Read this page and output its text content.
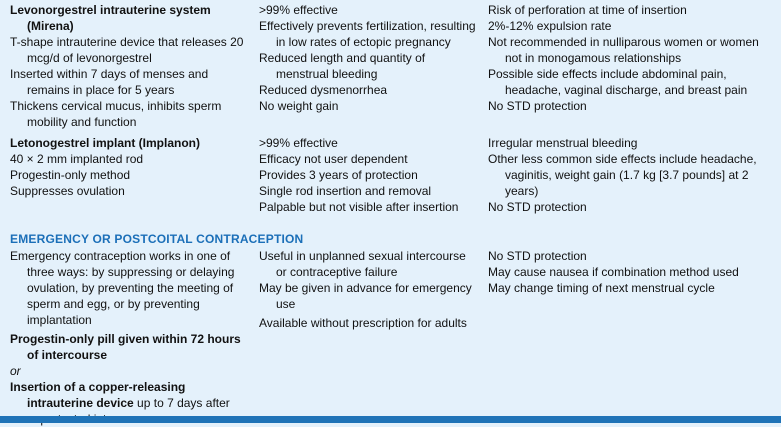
Levonorgestrel intrauterine system (Mirena)
T-shape intrauterine device that releases 20 mcg/d of levonorgestrel
Inserted within 7 days of menses and remains in place for 5 years
Thickens cervical mucus, inhibits sperm mobility and function
>99% effective
Effectively prevents fertilization, resulting in low rates of ectopic pregnancy
Reduced length and quantity of menstrual bleeding
Reduced dysmenorrhea
No weight gain
Risk of perforation at time of insertion
2%-12% expulsion rate
Not recommended in nulliparous women or women not in monogamous relationships
Possible side effects include abdominal pain, headache, vaginal discharge, and breast pain
No STD protection
Letonogestrel implant (Implanon)
40 × 2 mm implanted rod
Progestin-only method
Suppresses ovulation
>99% effective
Efficacy not user dependent
Provides 3 years of protection
Single rod insertion and removal
Palpable but not visible after insertion
Irregular menstrual bleeding
Other less common side effects include headache, vaginitis, weight gain (1.7 kg [3.7 pounds] at 2 years)
No STD protection
EMERGENCY OR POSTCOITAL CONTRACEPTION
Emergency contraception works in one of three ways: by suppressing or delaying ovulation, by preventing the meeting of sperm and egg, or by preventing implantation
Progestin-only pill given within 72 hours of intercourse
or
Insertion of a copper-releasing intrauterine device up to 7 days after
Useful in unplanned sexual intercourse or contraceptive failure
May be given in advance for emergency use
Available without prescription for adults
No STD protection
May cause nausea if combination method used
May change timing of next menstrual cycle
